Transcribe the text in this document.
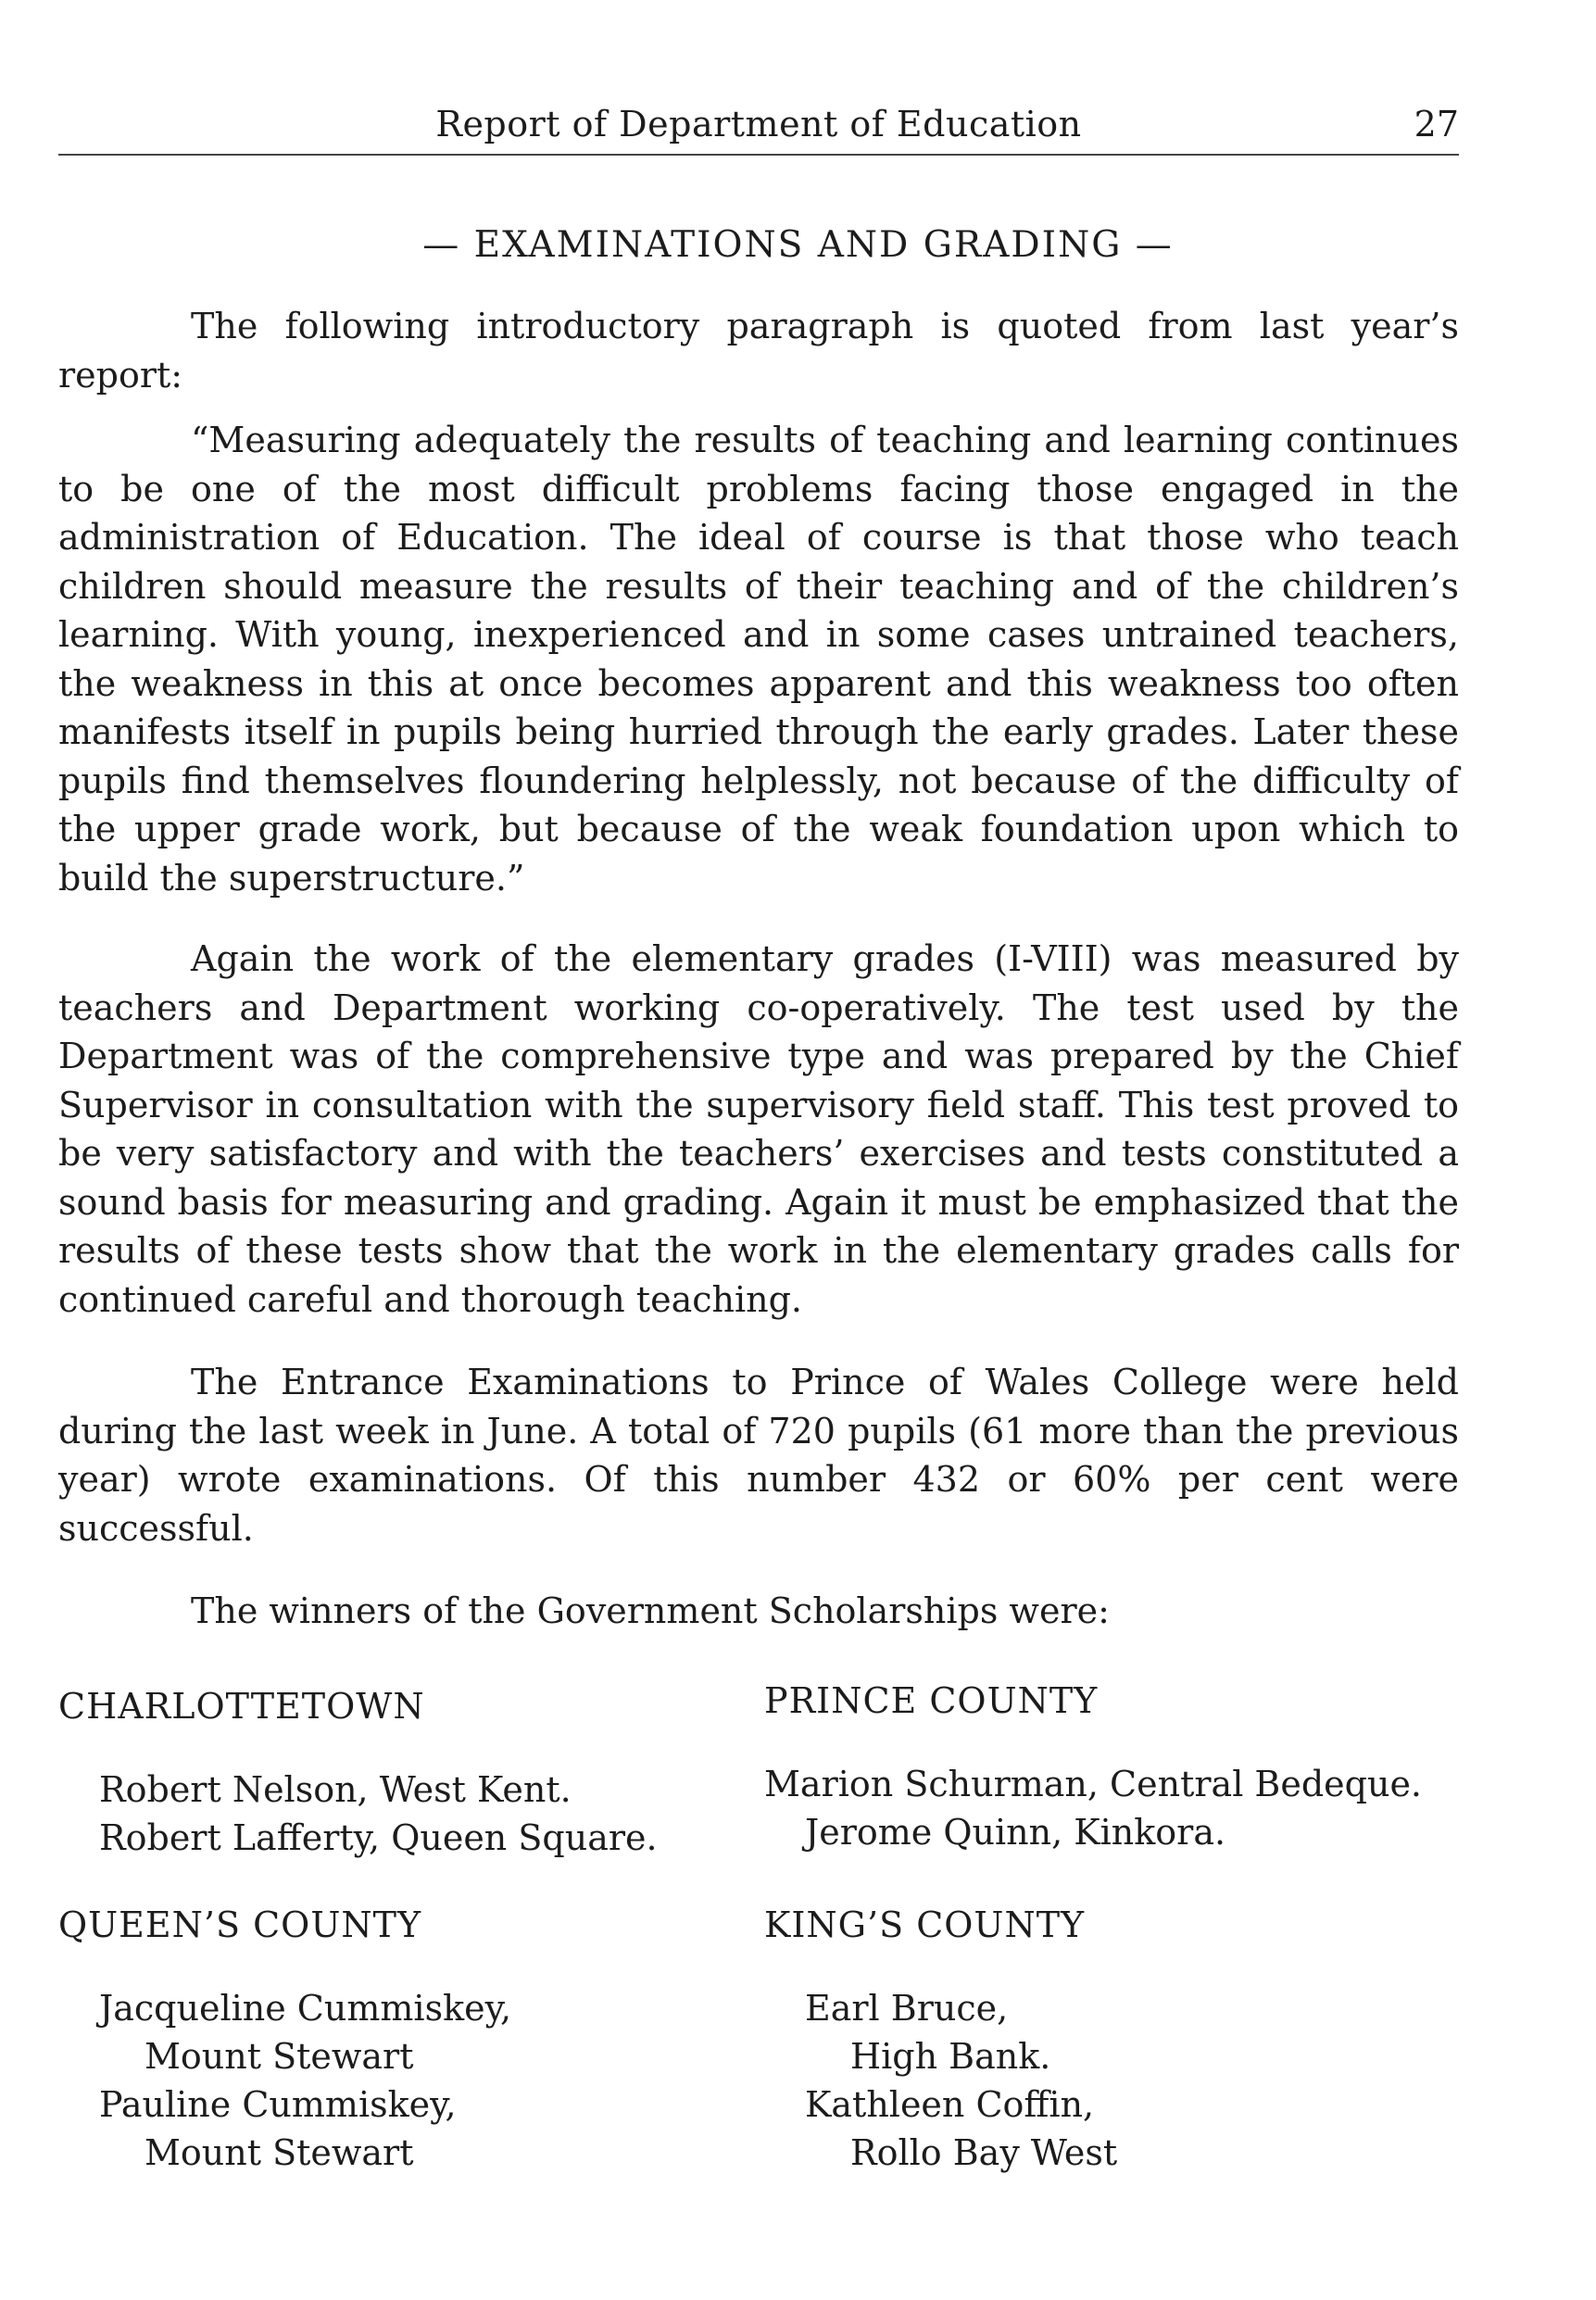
Report of Department of Education	27
— EXAMINATIONS AND GRADING —

The following introductory paragraph is quoted from last year’s report:

“Measuring adequately the results of teaching and learning continues to be one of the most difficult problems facing those engaged in the administration of Education. The ideal of course is that those who teach children should measure the results of their teaching and of the children’s learning. With young, inexperienced and in some cases untrained teachers, the weakness in this at once becomes apparent and this weakness too often manifests itself in pupils being hurried through the early grades. Later these pupils find themselves floundering helplessly, not because of the difficulty of the upper grade work, but because of the weak foundation upon which to build the superstructure.”

Again the work of the elementary grades (I-VIII) was measured by teachers and Department working co-operatively. The test used by the Department was of the comprehensive type and was prepared by the Chief Supervisor in consultation with the supervisory field staff. This test proved to be very satisfactory and with the teachers’ exercises and tests constituted a sound basis for measuring and grading. Again it must be emphasized that the results of these tests show that the work in the elementary grades calls for continued careful and thorough teaching.

The Entrance Examinations to Prince of Wales College were held during the last week in June. A total of 720 pupils (61 more than the previous year) wrote examinations. Of this number 432 or 60% per cent were successful.

The winners of the Government Scholarships were:

CHARLOTTETOWN
Robert Nelson, West Kent.
Robert Lafferty, Queen Square.
PRINCE COUNTY
Marion Schurman, Central Bedeque.
Jerome Quinn, Kinkora.
QUEEN’S COUNTY
Jacqueline Cummiskey,
Mount Stewart
Pauline Cummiskey,
Mount Stewart
KING’S COUNTY
Earl Bruce,
High Bank.
Kathleen Coffin,
Rollo Bay West
